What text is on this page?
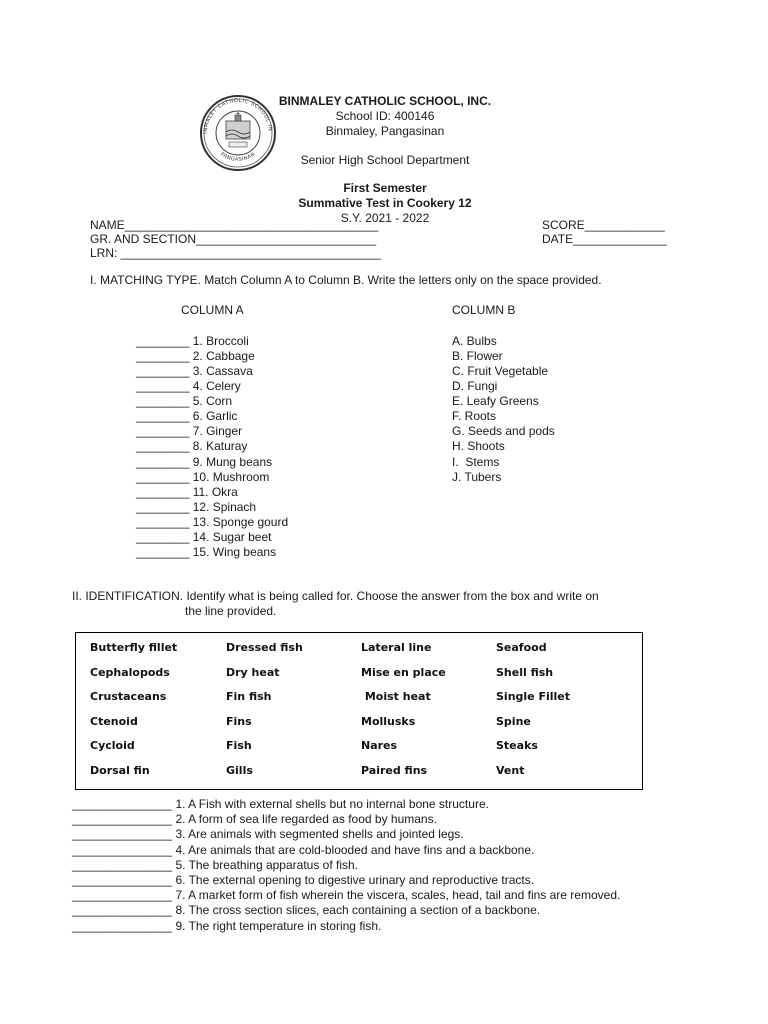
INMALEY CATHOLIC SCHOOL IN
PANGASINAN
BINMALEY CATHOLIC SCHOOL, INC.
School ID: 400146
Binmaley, Pangasinan
Senior High School Department
First Semester
Summative Test in Cookery 12
S.Y. 2021 - 2022
NAME______________________________________
GR. AND SECTION___________________________
LRN: _______________________________________
SCORE____________
DATE______________
I. MATCHING TYPE. Match Column A to Column B. Write the letters only on the space provided.
COLUMN A	COLUMN B
________ 1. Broccoli
________ 2. Cabbage
________ 3. Cassava
________ 4. Celery
________ 5. Corn
________ 6. Garlic
________ 7. Ginger
________ 8. Katuray
________ 9. Mung beans
________ 10. Mushroom
________ 11. Okra
________ 12. Spinach
________ 13. Sponge gourd
________ 14. Sugar beet
________ 15. Wing beans
A. Bulbs
B. Flower
C. Fruit Vegetable
D. Fungi
E. Leafy Greens
F. Roots
G. Seeds and pods
H. Shoots
I.  Stems
J. Tubers
II. IDENTIFICATION. Identify what is being called for. Choose the answer from the box and write on
the line provided.
Butterfly fillet
Cephalopods
Crustaceans
Ctenoid
Cycloid
Dorsal fin
Dressed fish
Dry heat
Fin fish
Fins
Fish
Gills
Lateral line
Mise en place
Moist heat
Mollusks
Nares
Paired fins
Seafood
Shell fish
Single Fillet
Spine
Steaks
Vent
_______________ 1. A Fish with external shells but no internal bone structure.
_______________ 2. A form of sea life regarded as food by humans.
_______________ 3. Are animals with segmented shells and jointed legs.
_______________ 4. Are animals that are cold-blooded and have fins and a backbone.
_______________ 5. The breathing apparatus of fish.
_______________ 6. The external opening to digestive urinary and reproductive tracts.
_______________ 7. A market form of fish wherein the viscera, scales, head, tail and fins are removed.
_______________ 8. The cross section slices, each containing a section of a backbone.
_______________ 9. The right temperature in storing fish.
